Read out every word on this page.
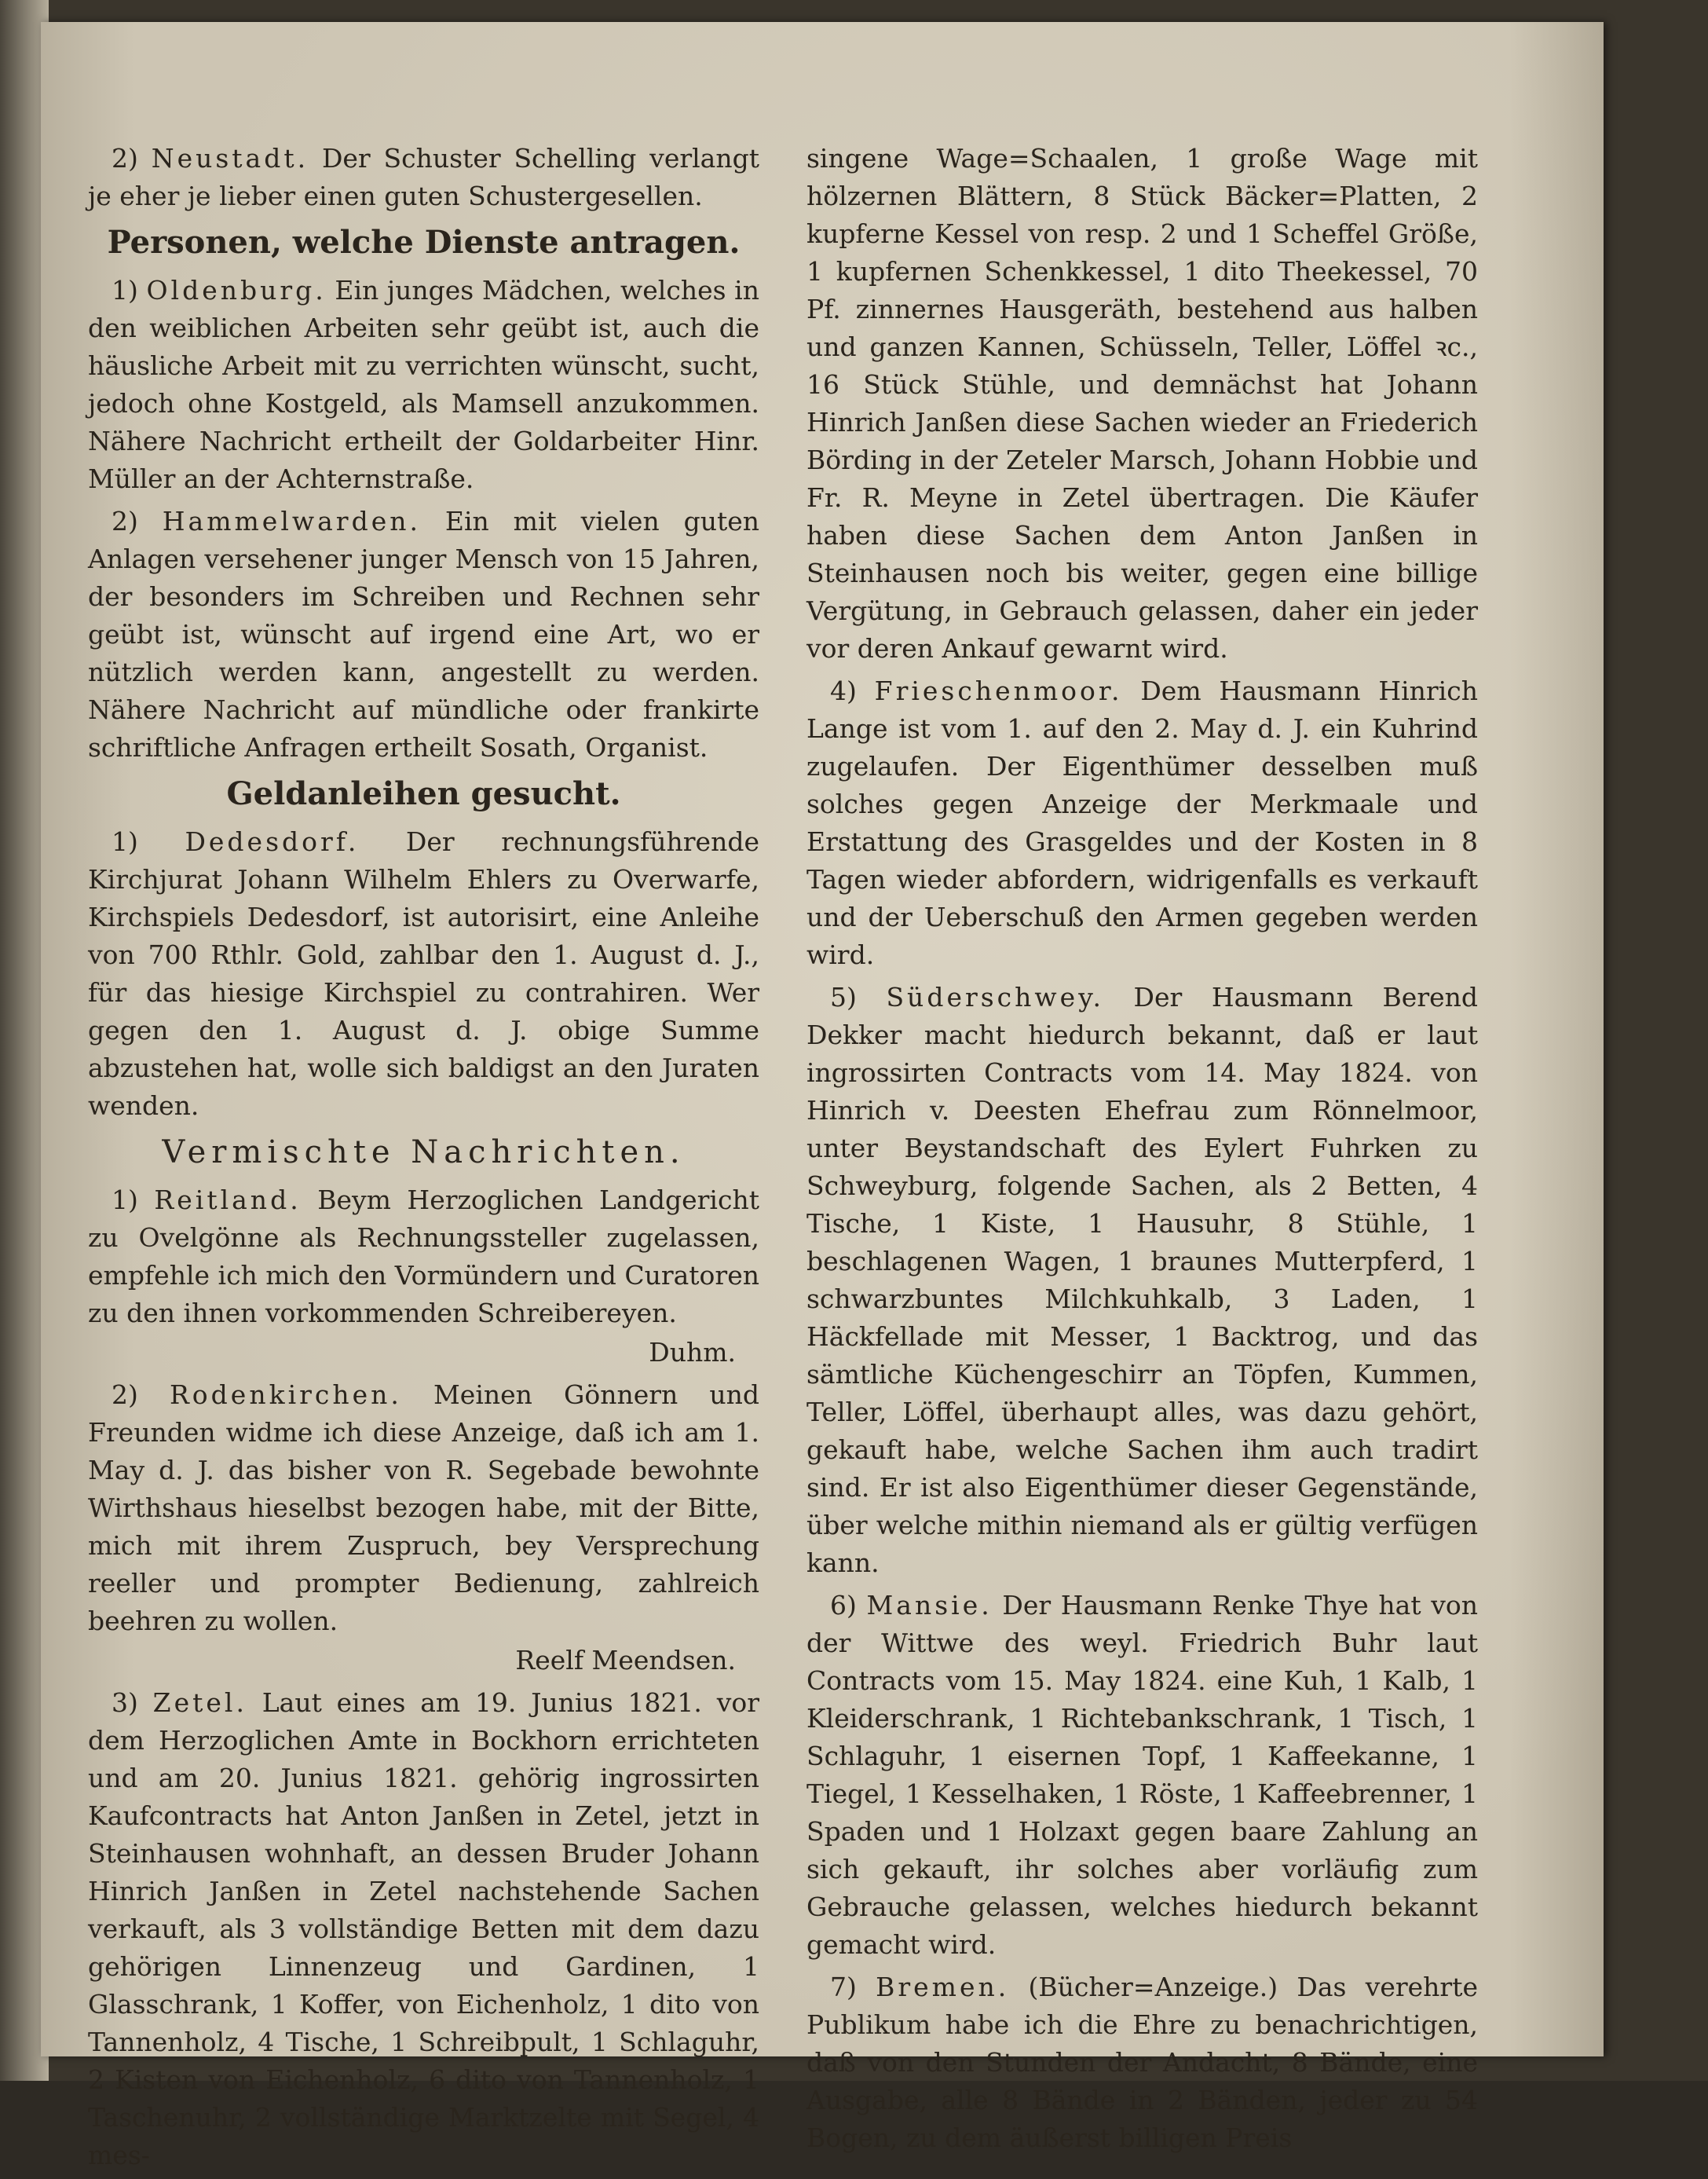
2) Neustadt. Der Schuster Schelling verlangt je eher je lieber einen guten Schustergesellen.

Personen, welche Dienste antragen.

1) Oldenburg. Ein junges Mädchen, welches in den weiblichen Arbeiten sehr geübt ist, auch die häusliche Arbeit mit zu verrichten wünscht, sucht, jedoch ohne Kostgeld, als Mamsell anzukommen. Nähere Nachricht ertheilt der Goldarbeiter Hinr. Müller an der Achternstraße.

2) Hammelwarden. Ein mit vielen guten Anlagen versehener junger Mensch von 15 Jahren, der besonders im Schreiben und Rechnen sehr geübt ist, wünscht auf irgend eine Art, wo er nützlich werden kann, angestellt zu werden. Nähere Nachricht auf mündliche oder frankirte schriftliche Anfragen ertheilt Sosath, Organist.

Geldanleihen gesucht.

1) Dedesdorf. Der rechnungsführende Kirchjurat Johann Wilhelm Ehlers zu Overwarfe, Kirchspiels Dedesdorf, ist autorisirt, eine Anleihe von 700 Rthlr. Gold, zahlbar den 1. August d. J., für das hiesige Kirchspiel zu contrahiren. Wer gegen den 1. August d. J. obige Summe abzustehen hat, wolle sich baldigst an den Juraten wenden.

Vermischte Nachrichten.

1) Reitland. Beym Herzoglichen Landgericht zu Ovelgönne als Rechnungssteller zugelassen, empfehle ich mich den Vormündern und Curatoren zu den ihnen vorkommenden Schreibereyen.

Duhm.

2) Rodenkirchen. Meinen Gönnern und Freunden widme ich diese Anzeige, daß ich am 1. May d. J. das bisher von R. Segebade bewohnte Wirthshaus hieselbst bezogen habe, mit der Bitte, mich mit ihrem Zuspruch, bey Versprechung reeller und prompter Bedienung, zahlreich beehren zu wollen.

Reelf Meendsen.

3) Zetel. Laut eines am 19. Junius 1821. vor dem Herzoglichen Amte in Bockhorn errichteten und am 20. Junius 1821. gehörig ingrossirten Kaufcontracts hat Anton Janßen in Zetel, jetzt in Steinhausen wohnhaft, an dessen Bruder Johann Hinrich Janßen in Zetel nachstehende Sachen verkauft, als 3 vollständige Betten mit dem dazu gehörigen Linnenzeug und Gardinen, 1 Glasschrank, 1 Koffer, von Eichenholz, 1 dito von Tannenholz, 4 Tische, 1 Schreibpult, 1 Schlaguhr, 2 Kisten von Eichenholz, 6 dito von Tannenholz, 1 Taschenuhr, 2 vollständige Marktzelte mit Segel, 4 mes-

singene Wage=Schaalen, 1 große Wage mit hölzernen Blättern, 8 Stück Bäcker=Platten, 2 kupferne Kessel von resp. 2 und 1 Scheffel Größe, 1 kupfernen Schenkkessel, 1 dito Theekessel, 70 Pf. zinnernes Hausgeräth, bestehend aus halben und ganzen Kannen, Schüsseln, Teller, Löffel ꝛc., 16 Stück Stühle, und demnächst hat Johann Hinrich Janßen diese Sachen wieder an Friederich Börding in der Zeteler Marsch, Johann Hobbie und Fr. R. Meyne in Zetel übertragen. Die Käufer haben diese Sachen dem Anton Janßen in Steinhausen noch bis weiter, gegen eine billige Vergütung, in Gebrauch gelassen, daher ein jeder vor deren Ankauf gewarnt wird.

4) Friesch​enmoor. Dem Hausmann Hinrich Lange ist vom 1. auf den 2. May d. J. ein Kuhrind zugelaufen. Der Eigenthümer desselben muß solches gegen Anzeige der Merkmaale und Erstattung des Grasgeldes und der Kosten in 8 Tagen wieder abfordern, widrigenfalls es verkauft und der Ueberschuß den Armen gegeben werden wird.

5) Süderschwey. Der Hausmann Berend Dekker macht hiedurch bekannt, daß er laut ingrossirten Contracts vom 14. May 1824. von Hinrich v. Deesten Ehefrau zum Rönnelmoor, unter Beystandschaft des Eylert Fuhrken zu Schweyburg, folgende Sachen, als 2 Betten, 4 Tische, 1 Kiste, 1 Hausuhr, 8 Stühle, 1 beschlagenen Wagen, 1 braunes Mutterpferd, 1 schwarzbuntes Milchkuhkalb, 3 Laden, 1 Häckfellade mit Messer, 1 Backtrog, und das sämtliche Küchengeschirr an Töpfen, Kummen, Teller, Löffel, überhaupt alles, was dazu gehört, gekauft habe, welche Sachen ihm auch tradirt sind. Er ist also Eigenthümer dieser Gegenstände, über welche mithin niemand als er gültig verfügen kann.

6) Mansie. Der Hausmann Renke Thye hat von der Wittwe des weyl. Friedrich Buhr laut Contracts vom 15. May 1824. eine Kuh, 1 Kalb, 1 Kleiderschrank, 1 Richtebankschrank, 1 Tisch, 1 Schlaguhr, 1 eisernen Topf, 1 Kaffeekanne, 1 Tiegel, 1 Kesselhaken, 1 Röste, 1 Kaffeebrenner, 1 Spaden und 1 Holzaxt gegen baare Zahlung an sich gekauft, ihr solches aber vorläufig zum Gebrauche gelassen, welches hiedurch bekannt gemacht wird.

7) Bremen. (Bücher=Anzeige.) Das verehrte Publikum habe ich die Ehre zu benachrichtigen, daß von den Stunden der Andacht, 8 Bände, eine Ausgabe, alle 8 Bände in 2 Bänden, jeder zu 54 Bogen, zu dem äußerst billigen Preis
